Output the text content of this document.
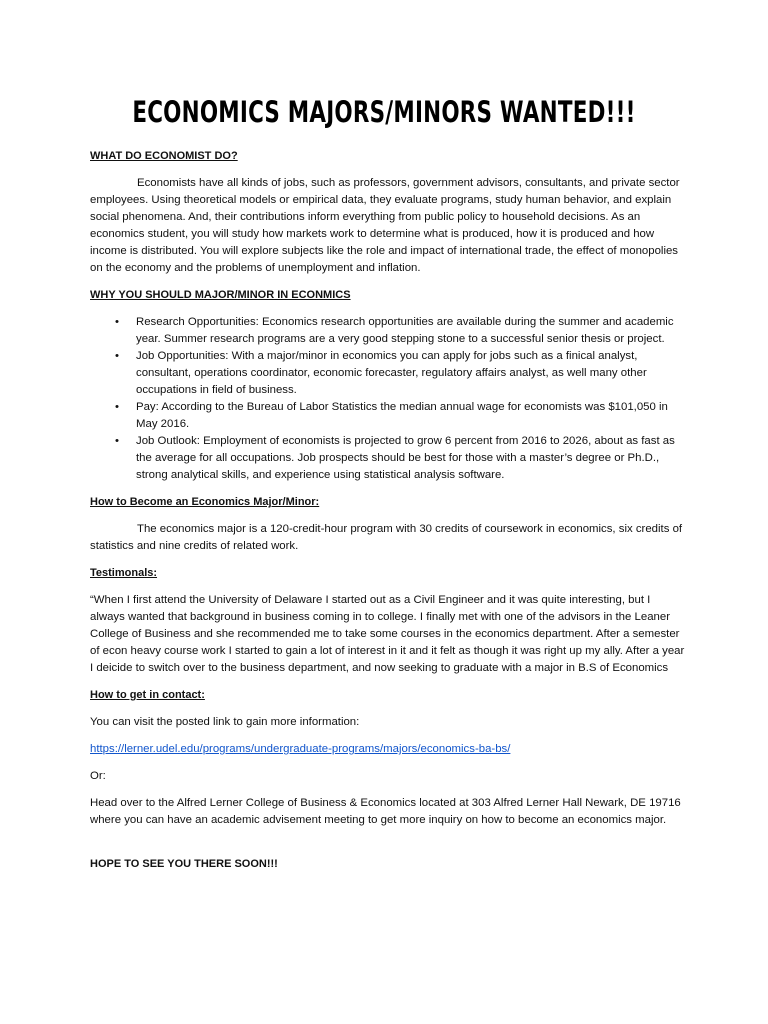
ECONOMICS MAJORS/MINORS WANTED!!!

WHAT DO ECONOMIST DO?

Economists have all kinds of jobs, such as professors, government advisors, consultants, and private sector employees. Using theoretical models or empirical data, they evaluate programs, study human behavior, and explain social phenomena. And, their contributions inform everything from public policy to household decisions. As an economics student, you will study how markets work to determine what is produced, how it is produced and how income is distributed. You will explore subjects like the role and impact of international trade, the effect of monopolies on the economy and the problems of unemployment and inflation.

WHY YOU SHOULD MAJOR/MINOR IN ECONMICS

• Research Opportunities: Economics research opportunities are available during the summer and academic year. Summer research programs are a very good stepping stone to a successful senior thesis or project.
• Job Opportunities: With a major/minor in economics you can apply for jobs such as a finical analyst, consultant, operations coordinator, economic forecaster, regulatory affairs analyst, as well many other occupations in field of business.
• Pay: According to the Bureau of Labor Statistics the median annual wage for economists was $101,050 in May 2016.
• Job Outlook: Employment of economists is projected to grow 6 percent from 2016 to 2026, about as fast as the average for all occupations. Job prospects should be best for those with a master’s degree or Ph.D., strong analytical skills, and experience using statistical analysis software.

How to Become an Economics Major/Minor:

The economics major is a 120-credit-hour program with 30 credits of coursework in economics, six credits of statistics and nine credits of related work.

Testimonals:

“When I first attend the University of Delaware I started out as a Civil Engineer and it was quite interesting, but I always wanted that background in business coming in to college. I finally met with one of the advisors in the Leaner College of Business and she recommended me to take some courses in the economics department. After a semester of econ heavy course work I started to gain a lot of interest in it and it felt as though it was right up my ally. After a year I deicide to switch over to the business department, and now seeking to graduate with a major in B.S of Economics

How to get in contact:

You can visit the posted link to gain more information:

https://lerner.udel.edu/programs/undergraduate-programs/majors/economics-ba-bs/

Or:

Head over to the Alfred Lerner College of Business & Economics located at 303 Alfred Lerner Hall Newark, DE 19716 where you can have an academic advisement meeting to get more inquiry on how to become an economics major.

HOPE TO SEE YOU THERE SOON!!!
